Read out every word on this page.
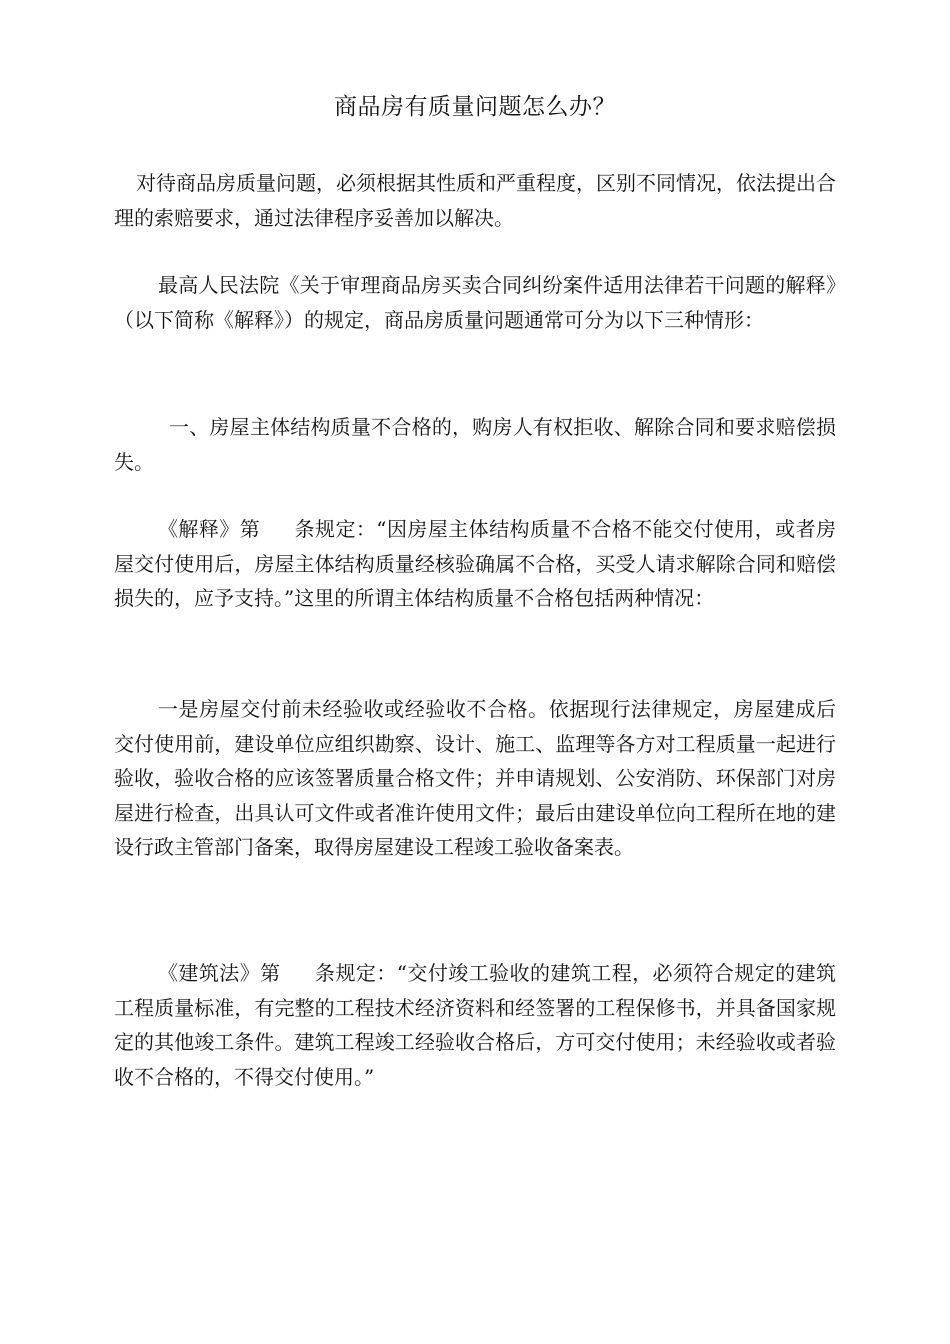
商品房有质量问题怎么办？

对待商品房质量问题，必须根据其性质和严重程度，区别不同情况，依法提出合理的索赔要求，通过法律程序妥善加以解决。

最高人民法院《关于审理商品房买卖合同纠纷案件适用法律若干问题的解释》（以下简称《解释》）的规定，商品房质量问题通常可分为以下三种情形：

一、房屋主体结构质量不合格的，购房人有权拒收、解除合同和要求赔偿损失。

《解释》第 条规定：“因房屋主体结构质量不合格不能交付使用，或者房屋交付使用后，房屋主体结构质量经核验确属不合格，买受人请求解除合同和赔偿损失的，应予支持。”这里的所谓主体结构质量不合格包括两种情况：

一是房屋交付前未经验收或经验收不合格。依据现行法律规定，房屋建成后交付使用前，建设单位应组织勘察、设计、施工、监理等各方对工程质量一起进行验收，验收合格的应该签署质量合格文件；并申请规划、公安消防、环保部门对房屋进行检查，出具认可文件或者准许使用文件；最后由建设单位向工程所在地的建设行政主管部门备案，取得房屋建设工程竣工验收备案表。

《建筑法》第 条规定：“交付竣工验收的建筑工程，必须符合规定的建筑工程质量标准，有完整的工程技术经济资料和经签署的工程保修书，并具备国家规定的其他竣工条件。建筑工程竣工经验收合格后，方可交付使用；未经验收或者验收不合格的，不得交付使用。”
